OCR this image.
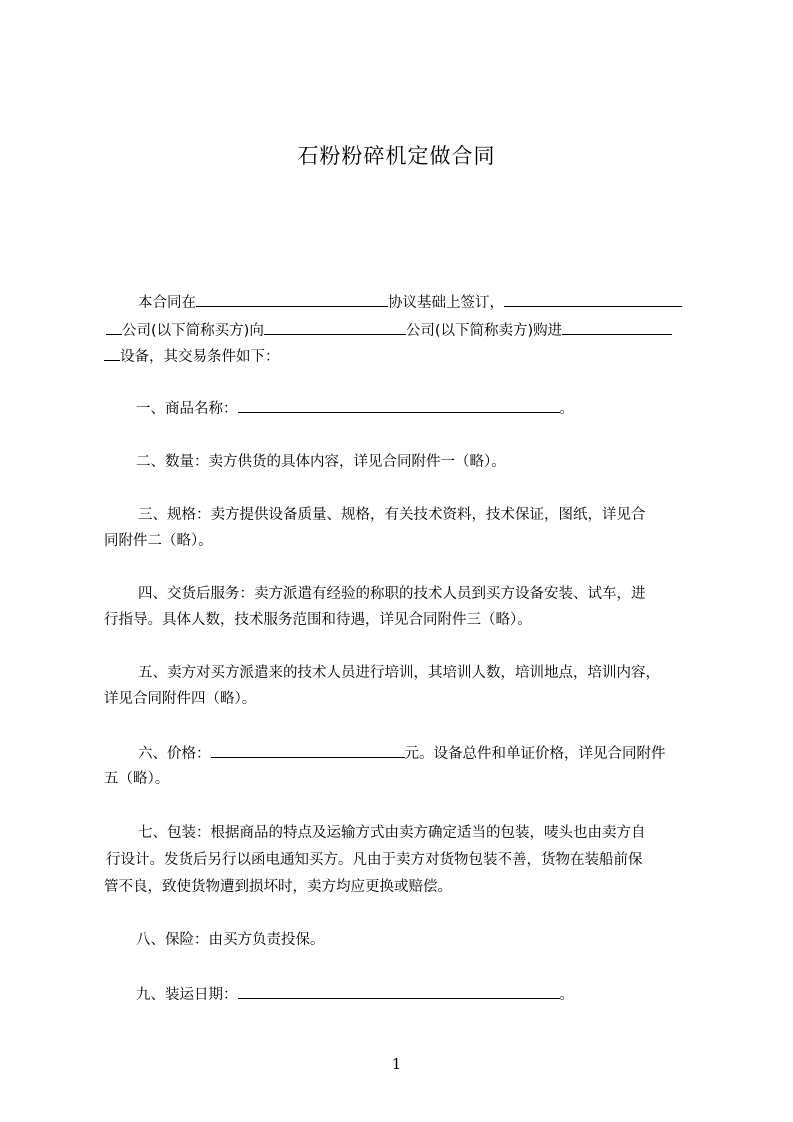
石粉粉碎机定做合同
本合同在	协议基础上签订，
公司(以下简称买方)向	公司(以下简称卖方)购进
设备，其交易条件如下：
一、商品名称：	。
二、数量：卖方供货的具体内容，详见合同附件一（略）。
三、规格：卖方提供设备质量、规格，有关技术资料，技术保证，图纸，详见合
同附件二（略）。
四、交货后服务：卖方派遣有经验的称职的技术人员到买方设备安装、试车，进
行指导。具体人数，技术服务范围和待遇，详见合同附件三（略）。
五、卖方对买方派遣来的技术人员进行培训，其培训人数，培训地点，培训内容，
详见合同附件四（略）。
六、价格：	元。设备总件和单证价格，详见合同附件
五（略）。
七、包装：根据商品的特点及运输方式由卖方确定适当的包装，唛头也由卖方自
行设计。发货后另行以函电通知买方。凡由于卖方对货物包装不善，货物在装船前保
管不良，致使货物遭到损坏时，卖方均应更换或赔偿。
八、保险：由买方负责投保。
九、装运日期：	。
1
